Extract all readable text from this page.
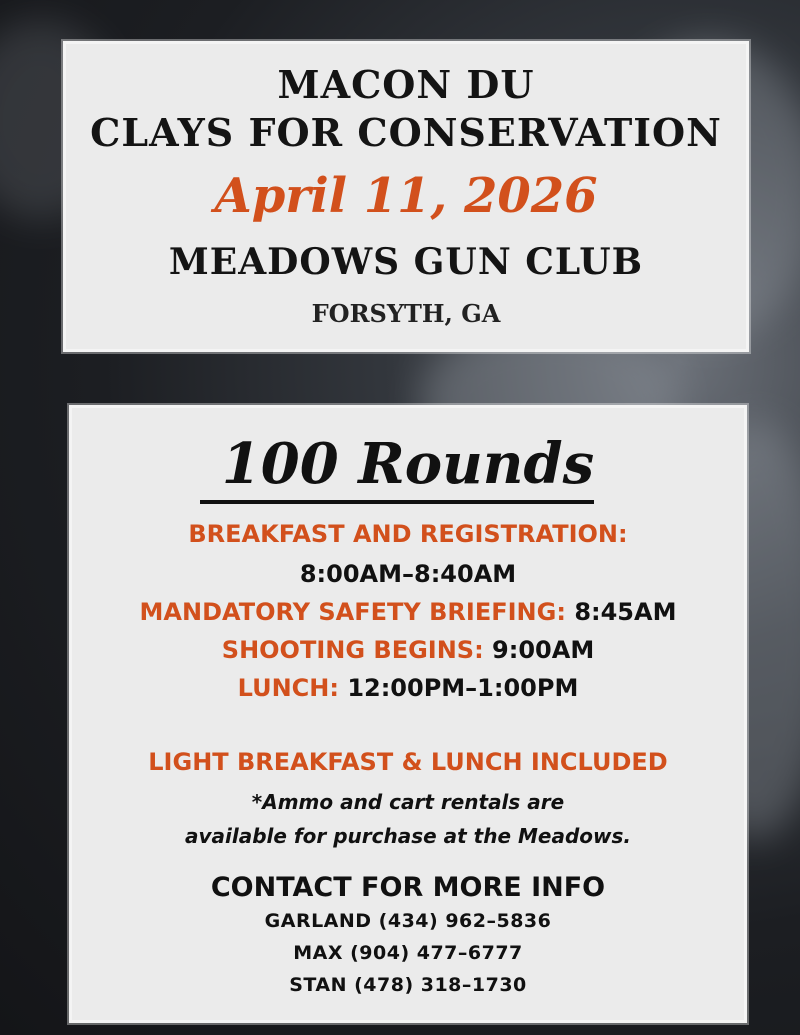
MACON DU
CLAYS FOR CONSERVATION
April 11, 2026
MEADOWS GUN CLUB
FORSYTH, GA
100 Rounds
BREAKFAST AND REGISTRATION:
8:00AM–8:40AM
MANDATORY SAFETY BRIEFING: 8:45AM
SHOOTING BEGINS: 9:00AM
LUNCH: 12:00PM–1:00PM
LIGHT BREAKFAST & LUNCH INCLUDED
*Ammo and cart rentals are
available for purchase at the Meadows.
CONTACT FOR MORE INFO
GARLAND (434) 962–5836
MAX (904) 477–6777
STAN (478) 318–1730
